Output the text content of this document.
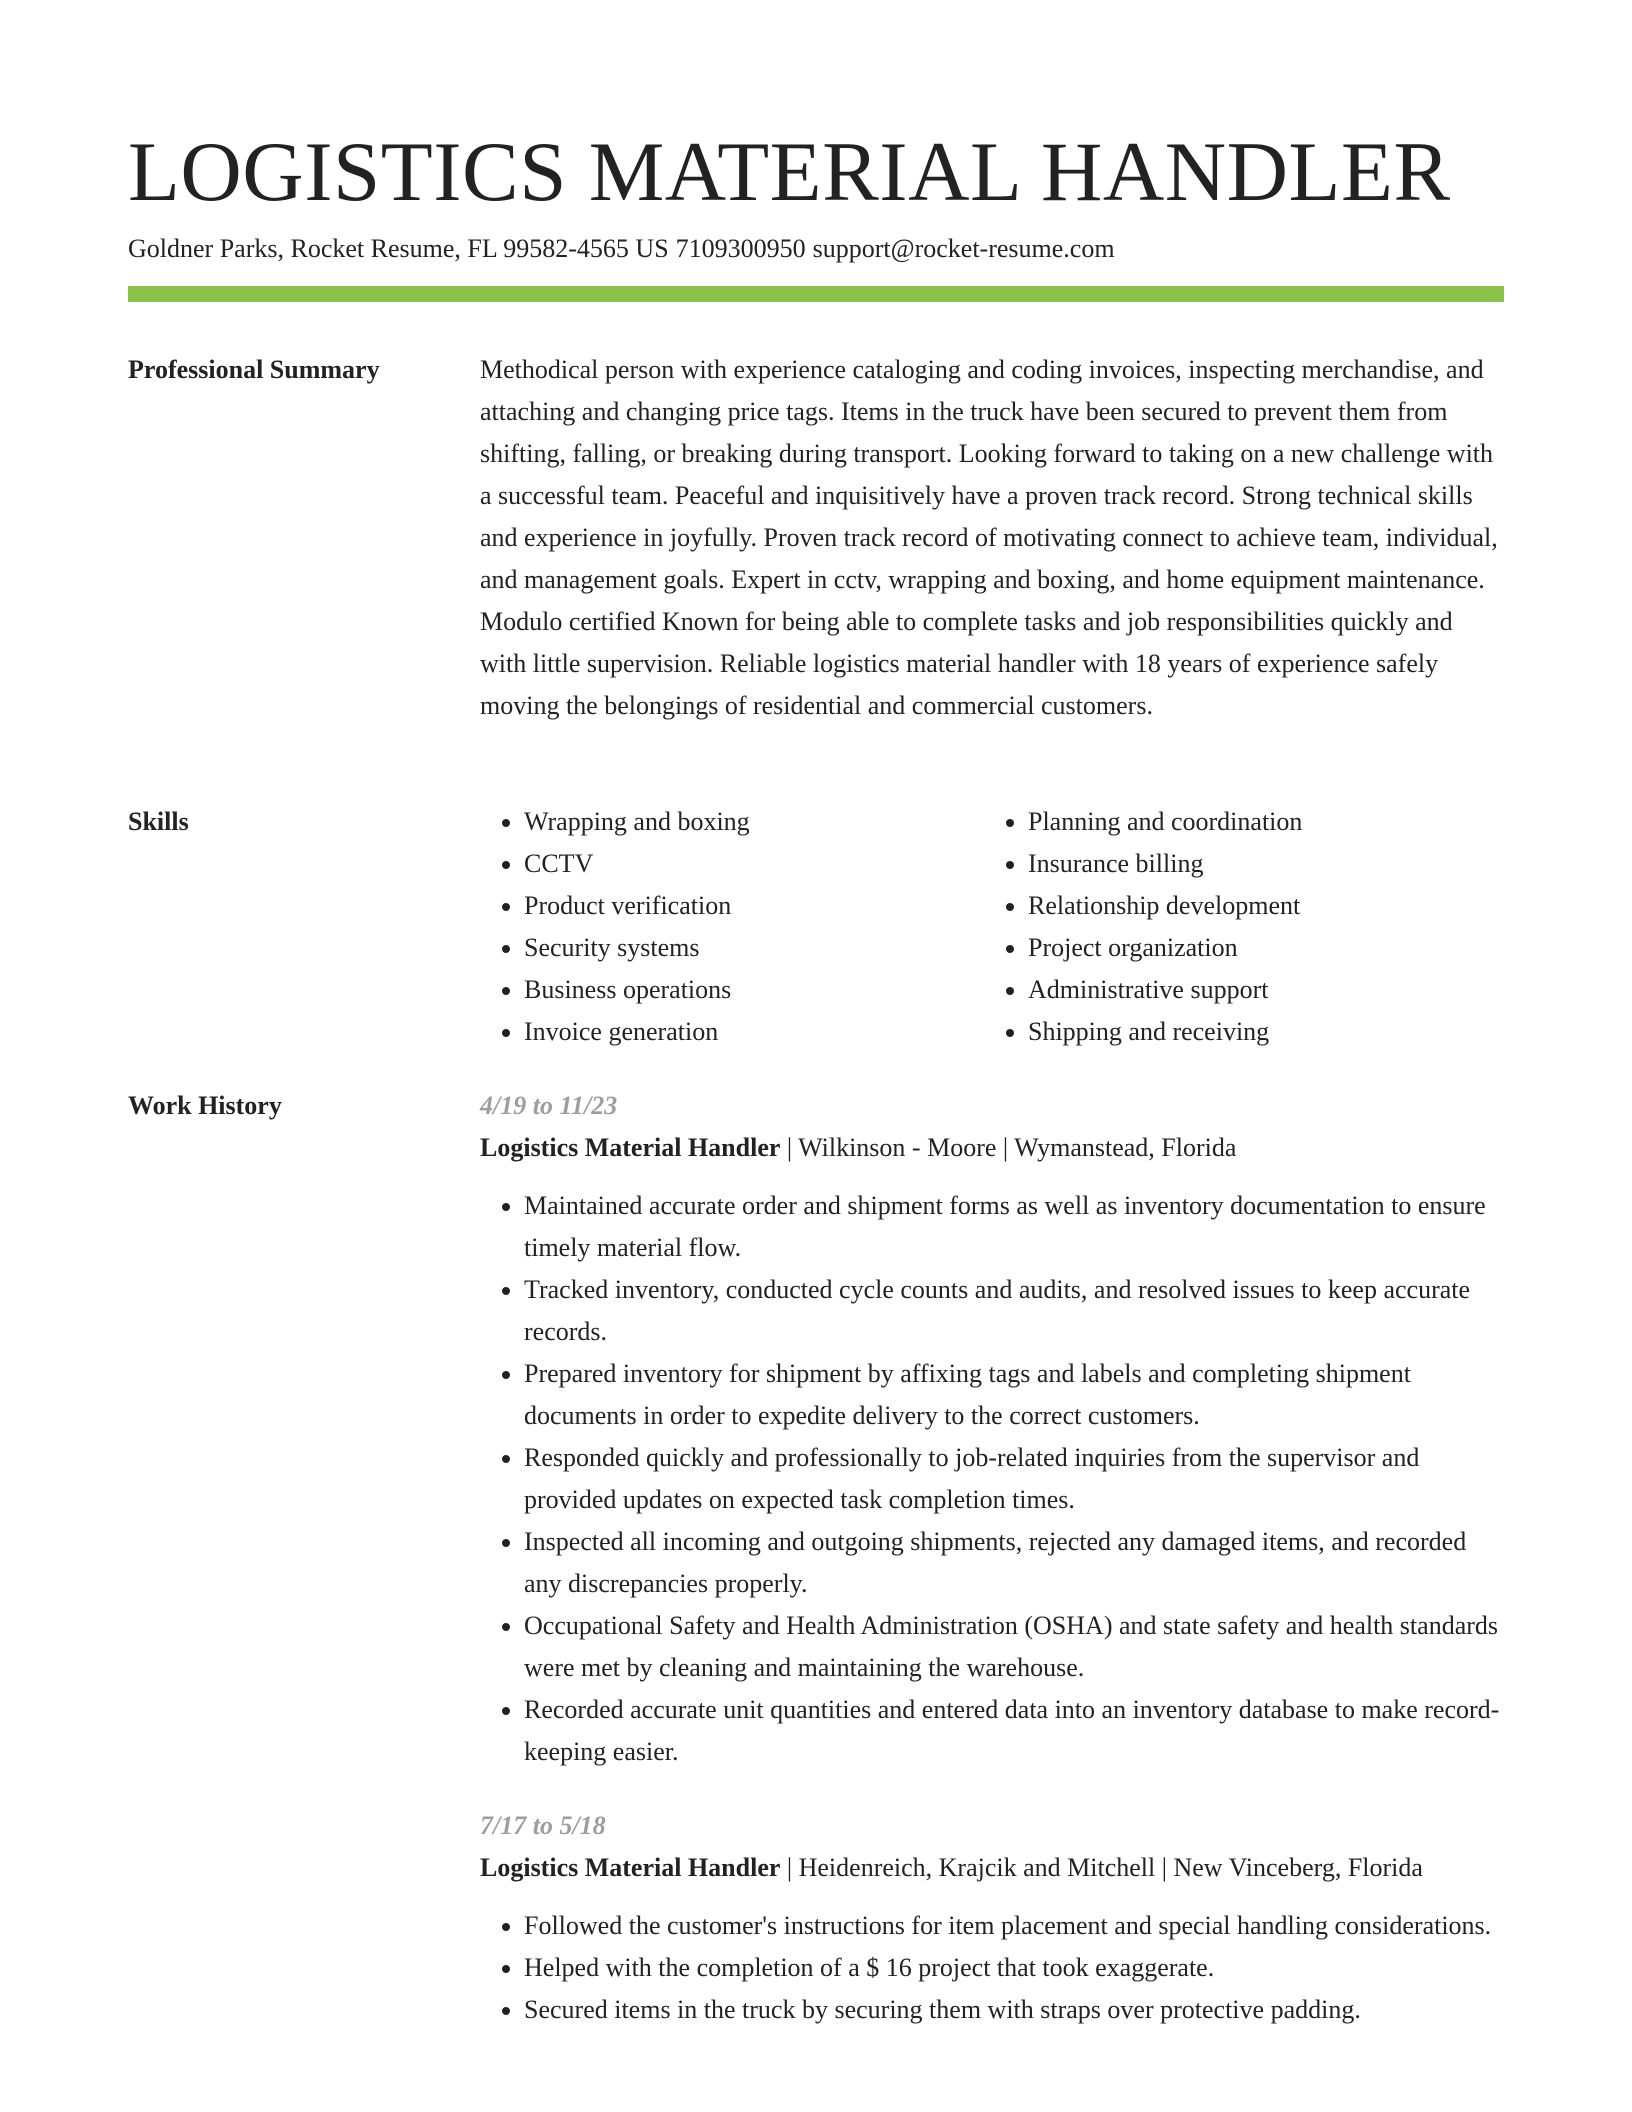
LOGISTICS MATERIAL HANDLER
Goldner Parks, Rocket Resume, FL 99582-4565 US 7109300950 support@rocket-resume.com
Professional Summary	Methodical person with experience cataloging and coding invoices, inspecting merchandise, and attaching and changing price tags. Items in the truck have been secured to prevent them from shifting, falling, or breaking during transport. Looking forward to taking on a new challenge with a successful team. Peaceful and inquisitively have a proven track record. Strong technical skills and experience in joyfully. Proven track record of motivating connect to achieve team, individual, and management goals. Expert in cctv, wrapping and boxing, and home equipment maintenance. Modulo certified Known for being able to complete tasks and job responsibilities quickly and with little supervision. Reliable logistics material handler with 18 years of experience safely moving the belongings of residential and commercial customers.

Skills
•	Wrapping and boxing
• CCTV
• Product verification
• Security systems
• Business operations
• Invoice generation
• Planning and coordination
• Insurance billing
• Relationship development
• Project organization
• Administrative support
• Shipping and receiving
Work History	4/19 to 11/23
Logistics Material Handler | Wilkinson - Moore | Wymanstead, Florida
• Maintained accurate order and shipment forms as well as inventory documentation to ensure timely material flow.
• Tracked inventory, conducted cycle counts and audits, and resolved issues to keep accurate records.
• Prepared inventory for shipment by affixing tags and labels and completing shipment documents in order to expedite delivery to the correct customers.
• Responded quickly and professionally to job-related inquiries from the supervisor and provided updates on expected task completion times.
• Inspected all incoming and outgoing shipments, rejected any damaged items, and recorded any discrepancies properly.
• Occupational Safety and Health Administration (OSHA) and state safety and health standards were met by cleaning and maintaining the warehouse.
• Recorded accurate unit quantities and entered data into an inventory database to make record-keeping easier.
7/17 to 5/18
Logistics Material Handler | Heidenreich, Krajcik and Mitchell | New Vinceberg, Florida
• Followed the customer's instructions for item placement and special handling considerations.
• Helped with the completion of a $ 16 project that took exaggerate.
• Secured items in the truck by securing them with straps over protective padding.
